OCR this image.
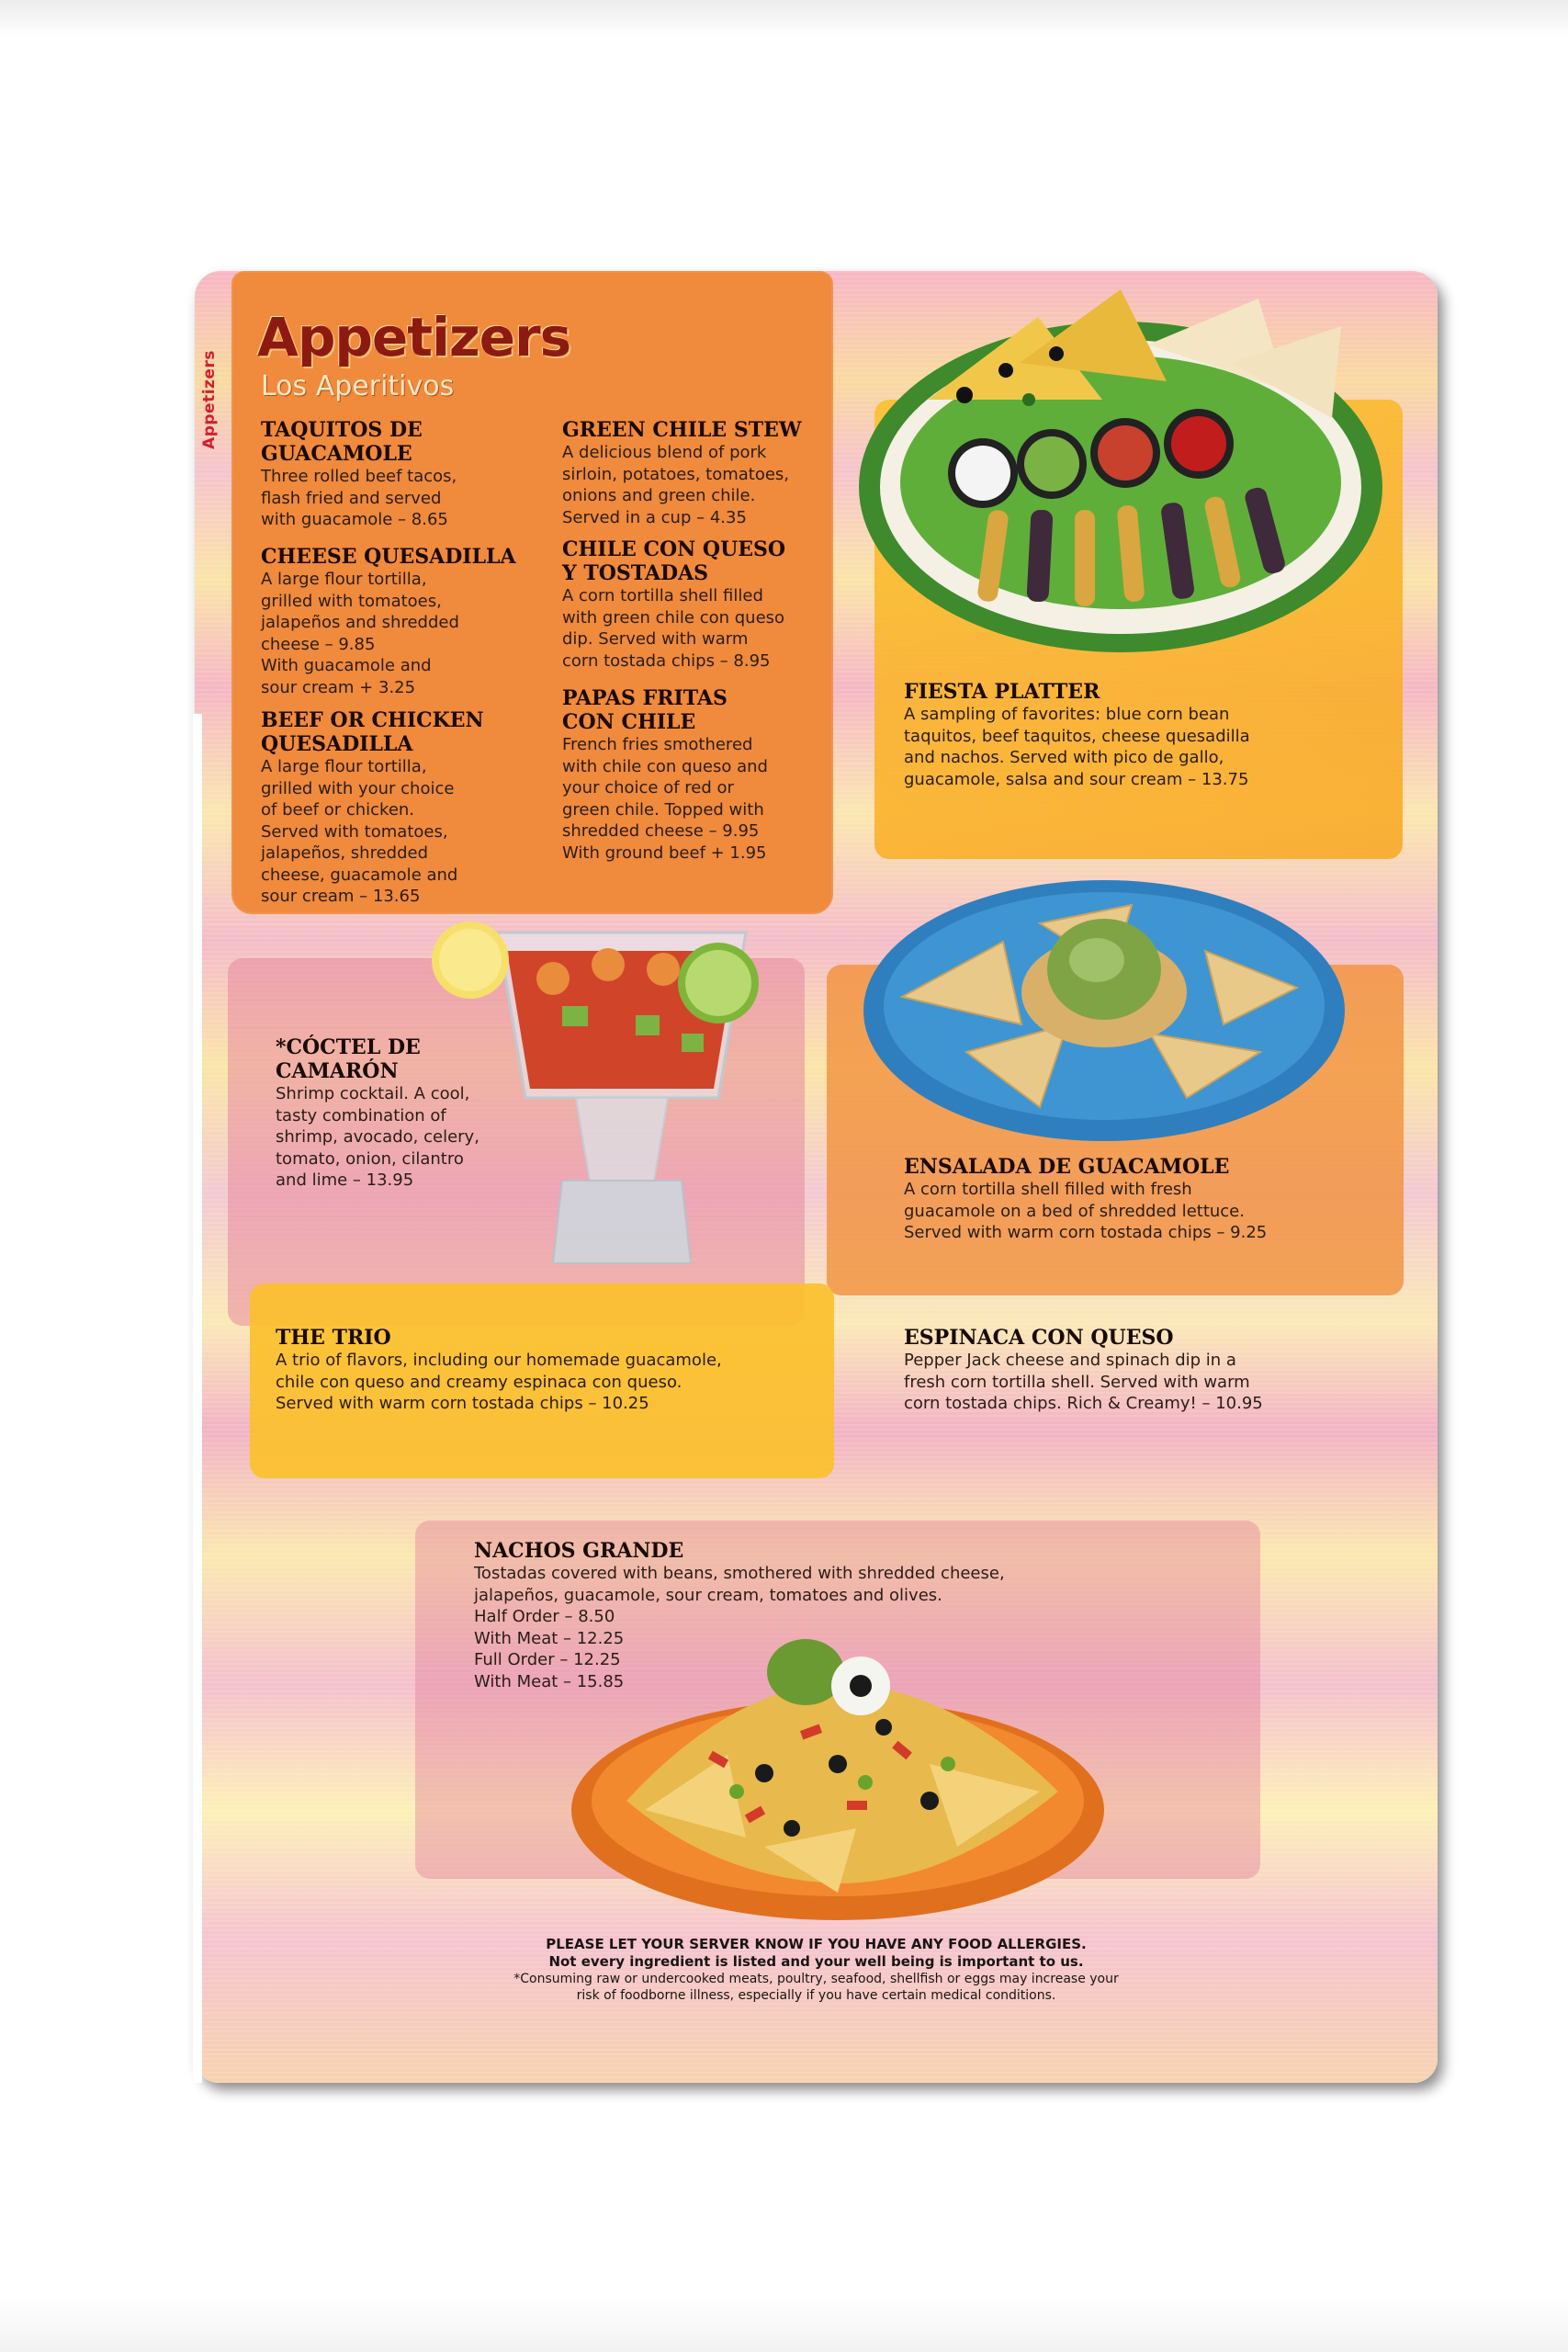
Appetizers
Appetizers
Los Aperitivos

TAQUITOS DE
GUACAMOLE

Three rolled beef tacos,
flash fried and served
with guacamole – 8.65

CHEESE QUESADILLA

A large flour tortilla,
grilled with tomatoes,
jalapeños and shredded
cheese – 9.85
With guacamole and
sour cream + 3.25

BEEF OR CHICKEN
QUESADILLA

A large flour tortilla,
grilled with your choice
of beef or chicken.
Served with tomatoes,
jalapeños, shredded
cheese, guacamole and
sour cream – 13.65

GREEN CHILE STEW

A delicious blend of pork
sirloin, potatoes, tomatoes,
onions and green chile.
Served in a cup – 4.35

CHILE CON QUESO
Y TOSTADAS

A corn tortilla shell filled
with green chile con queso
dip. Served with warm
corn tostada chips – 8.95

PAPAS FRITAS
CON CHILE

French fries smothered
with chile con queso and
your choice of red or
green chile. Topped with
shredded cheese – 9.95
With ground beef + 1.95

FIESTA PLATTER

A sampling of favorites: blue corn bean
taquitos, beef taquitos, cheese quesadilla
and nachos. Served with pico de gallo,
guacamole, salsa and sour cream – 13.75

*CÓCTEL DE
CAMARÓN

Shrimp cocktail. A cool,
tasty combination of
shrimp, avocado, celery,
tomato, onion, cilantro
and lime – 13.95

ENSALADA DE GUACAMOLE

A corn tortilla shell filled with fresh
guacamole on a bed of shredded lettuce.
Served with warm corn tostada chips – 9.25

THE TRIO

A trio of flavors, including our homemade guacamole,
chile con queso and creamy espinaca con queso.
Served with warm corn tostada chips – 10.25

ESPINACA CON QUESO

Pepper Jack cheese and spinach dip in a
fresh corn tortilla shell. Served with warm
corn tostada chips. Rich & Creamy! – 10.95

NACHOS GRANDE

Tostadas covered with beans, smothered with shredded cheese,
jalapeños, guacamole, sour cream, tomatoes and olives.
Half Order – 8.50
With Meat – 12.25
Full Order – 12.25
With Meat – 15.85

PLEASE LET YOUR SERVER KNOW IF YOU HAVE ANY FOOD ALLERGIES.

Not every ingredient is listed and your well being is important to us.

*Consuming raw or undercooked meats, poultry, seafood, shellfish or eggs may increase your

risk of foodborne illness, especially if you have certain medical conditions.
